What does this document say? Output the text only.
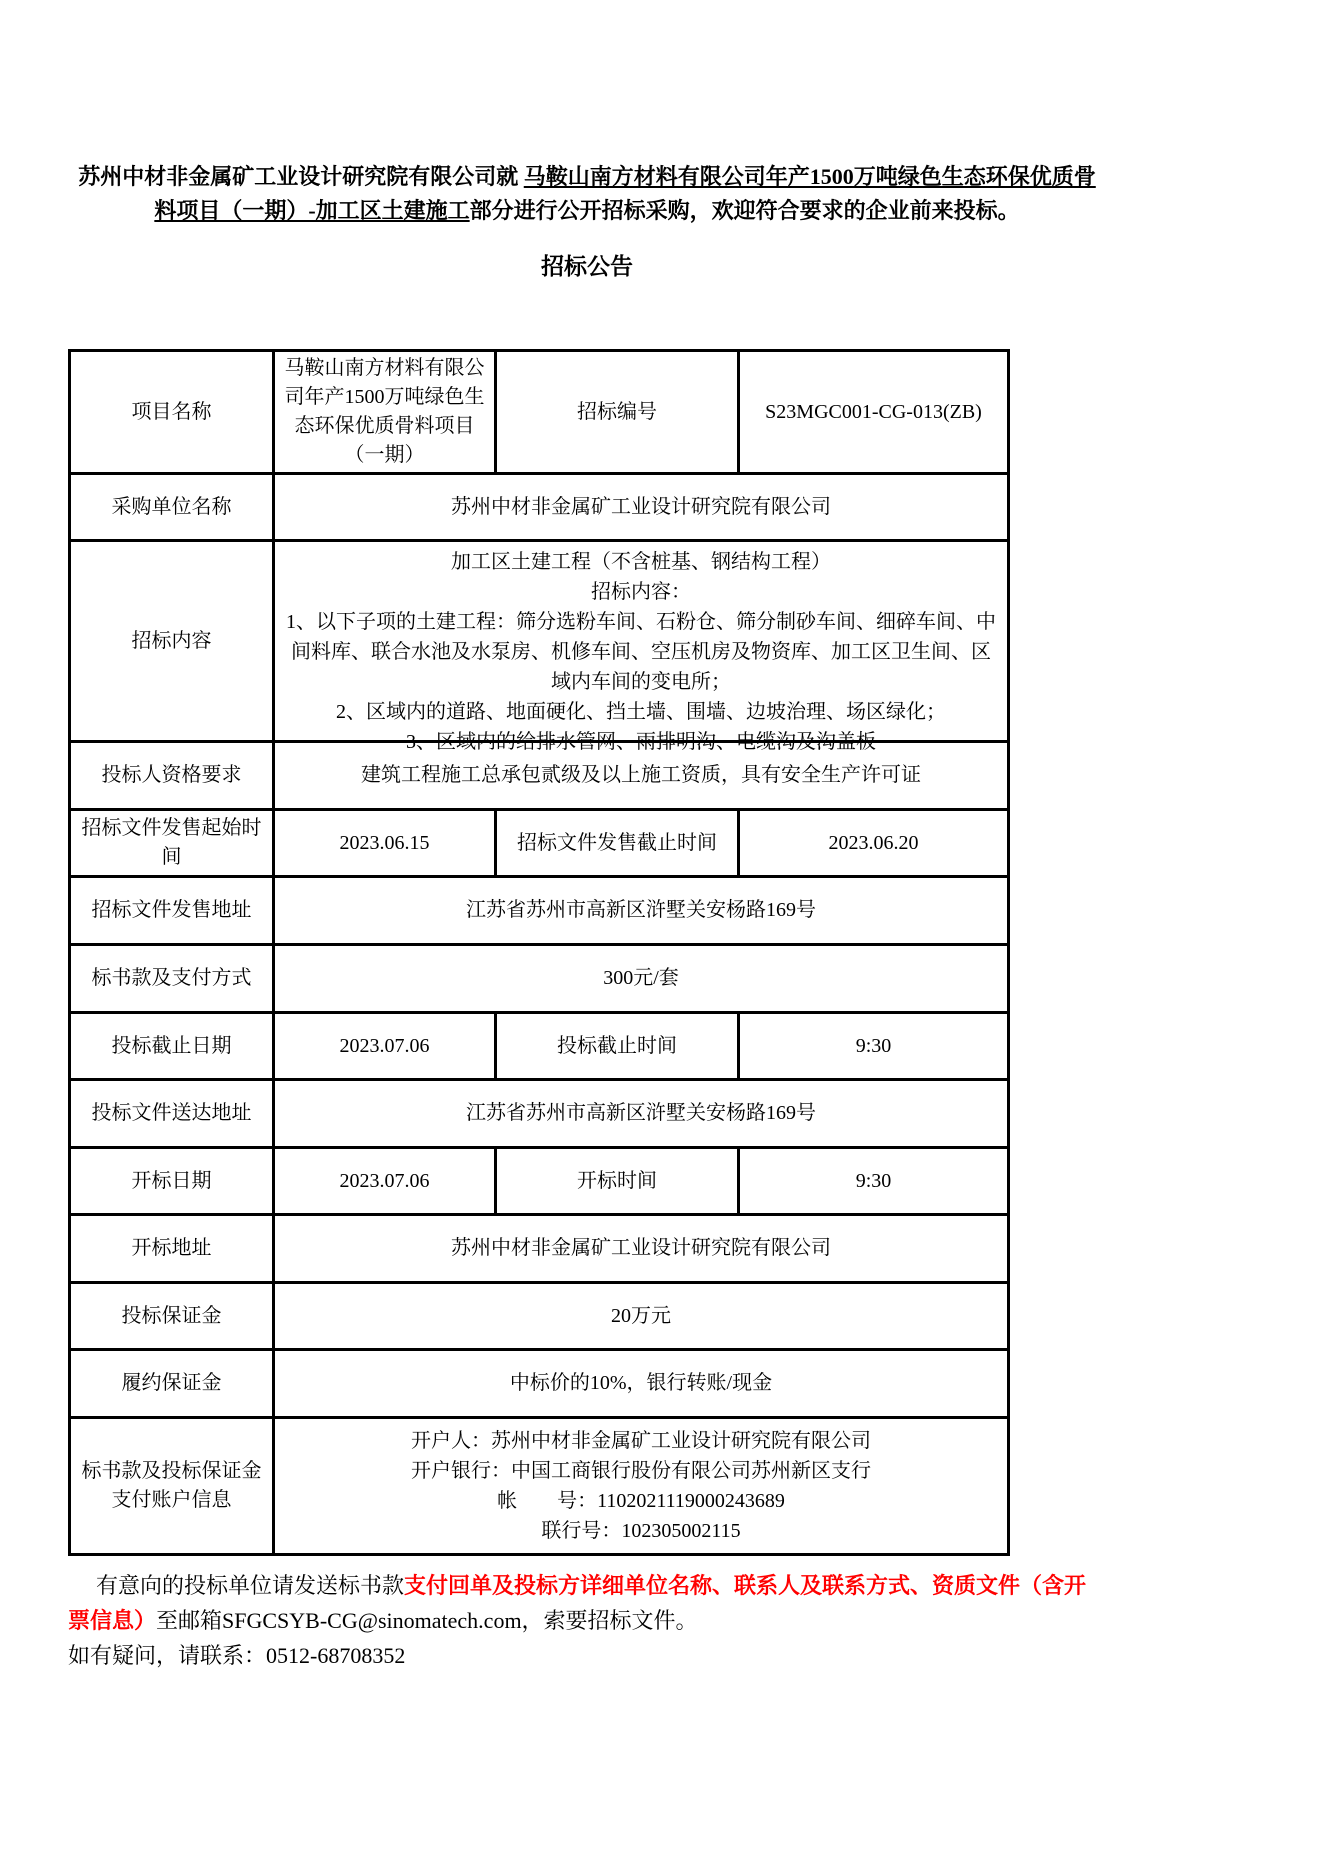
苏州中材非金属矿工业设计研究院有限公司就 马鞍山南方材料有限公司年产1500万吨绿色生态环保优质骨料项目（一期）-加工区土建施工部分进行公开招标采购，欢迎符合要求的企业前来投标。

招标公告
项目名称	马鞍山南方材料有限公司年产1500万吨绿色生态环保优质骨料项目（一期）	招标编号	S23MGC001-CG-013(ZB)
采购单位名称	苏州中材非金属矿工业设计研究院有限公司		
招标内容	加工区土建工程（不含桩基、钢结构工程）
招标内容：
1、以下子项的土建工程：筛分选粉车间、石粉仓、筛分制砂车间、细碎车间、中间料库、联合水池及水泵房、机修车间、空压机房及物资库、加工区卫生间、区域内车间的变电所；
2、区域内的道路、地面硬化、挡土墙、围墙、边坡治理、场区绿化；
3、区域内的给排水管网、雨排明沟、电缆沟及沟盖板		

投标人资格要求	建筑工程施工总承包贰级及以上施工资质，具有安全生产许可证		
招标文件发售起始时间	2023.06.15	招标文件发售截止时间	2023.06.20
招标文件发售地址	江苏省苏州市高新区浒墅关安杨路169号		
标书款及支付方式	300元/套		
投标截止日期	2023.07.06	投标截止时间	9:30
投标文件送达地址	江苏省苏州市高新区浒墅关安杨路169号		
开标日期	2023.07.06	开标时间	9:30
开标地址	苏州中材非金属矿工业设计研究院有限公司		
投标保证金	20万元		
履约保证金	中标价的10%，银行转账/现金		
标书款及投标保证金支付账户信息	开户人：苏州中材非金属矿工业设计研究院有限公司
开户银行：中国工商银行股份有限公司苏州新区支行
帐　　号：1102021119000243689
联行号：102305002115		

有意向的投标单位请发送标书款支付回单及投标方详细单位名称、联系人及联系方式、资质文件（含开票信息）至邮箱SFGCSYB-CG@sinomatech.com，索要招标文件。

如有疑问，请联系：0512-68708352
